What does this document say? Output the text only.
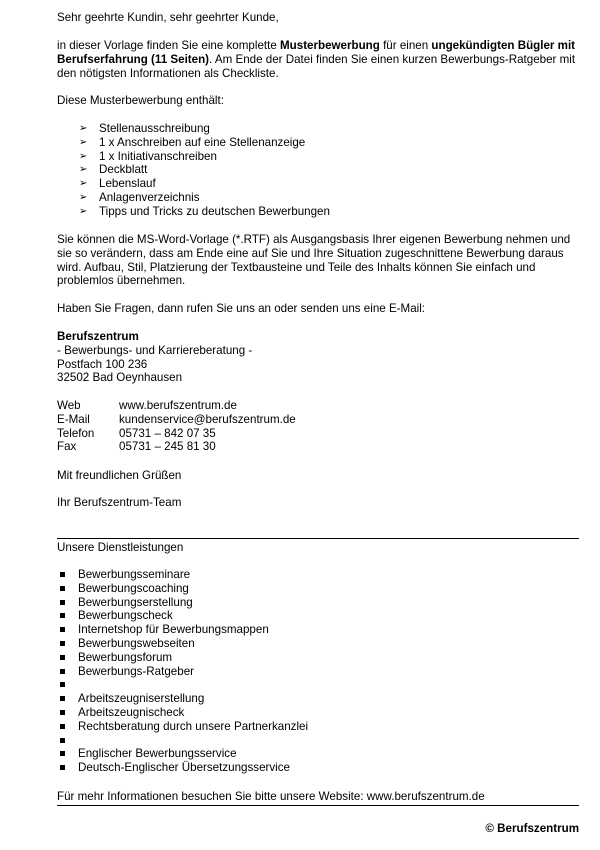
Sehr geehrte Kundin, sehr geehrter Kunde,

in dieser Vorlage finden Sie eine komplette Musterbewerbung für einen ungekündigten Bügler mit Berufserfahrung (11 Seiten). Am Ende der Datei finden Sie einen kurzen Bewerbungs-Ratgeber mit den nötigsten Informationen als Checkliste.

Diese Musterbewerbung enthält:

➢	Stellenausschreibung
➢	1 x Anschreiben auf eine Stellenanzeige
➢	1 x Initiativanschreiben
➢	Deckblatt
➢	Lebenslauf
➢	Anlagenverzeichnis
➢	Tipps und Tricks zu deutschen Bewerbungen

Sie können die MS-Word-Vorlage (*.RTF) als Ausgangsbasis Ihrer eigenen Bewerbung nehmen und sie so verändern, dass am Ende eine auf Sie und Ihre Situation zugeschnittene Bewerbung daraus wird. Aufbau, Stil, Platzierung der Textbausteine und Teile des Inhalts können Sie einfach und problemlos übernehmen.

Haben Sie Fragen, dann rufen Sie uns an oder senden uns eine E-Mail:

Berufszentrum
- Bewerbungs- und Karriereberatung -
Postfach 100 236
32502 Bad Oeynhausen
Web	www.berufszentrum.de
E-Mail	kundenservice@berufszentrum.de
Telefon	05731 – 842 07 35
Fax	05731 – 245 81 30

Mit freundlichen Grüßen

Ihr Berufszentrum-Team

Unsere Dienstleistungen

Bewerbungsseminare
Bewerbungscoaching
Bewerbungserstellung
Bewerbungscheck
Internetshop für Bewerbungsmappen
Bewerbungswebseiten
Bewerbungsforum
Bewerbungs-Ratgeber
Arbeitszeugniserstellung
Arbeitszeugnischeck
Rechtsberatung durch unsere Partnerkanzlei
Englischer Bewerbungsservice
Deutsch-Englischer Übersetzungsservice

Für mehr Informationen besuchen Sie bitte unsere Website: www.berufszentrum.de

© Berufszentrum
